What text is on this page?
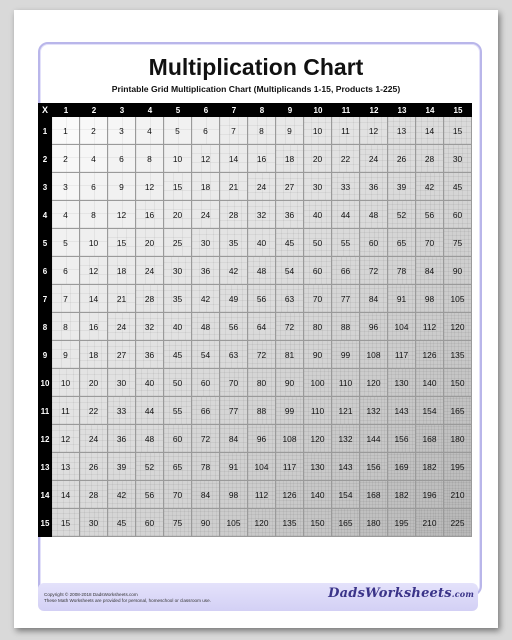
Multiplication Chart
Printable Grid Multiplication Chart (Multiplicands 1-15, Products 1-225)
X	1	2	3	4	5	6	7	8	9	10	11	12	13	14	15
1	1	2	3	4	5	6	7	8	9	10	11	12	13	14	15
2	2	4	6	8	10	12	14	16	18	20	22	24	26	28	30
3	3	6	9	12	15	18	21	24	27	30	33	36	39	42	45
4	4	8	12	16	20	24	28	32	36	40	44	48	52	56	60
5	5	10	15	20	25	30	35	40	45	50	55	60	65	70	75
6	6	12	18	24	30	36	42	48	54	60	66	72	78	84	90
7	7	14	21	28	35	42	49	56	63	70	77	84	91	98	105
8	8	16	24	32	40	48	56	64	72	80	88	96	104	112	120
9	9	18	27	36	45	54	63	72	81	90	99	108	117	126	135
10	10	20	30	40	50	60	70	80	90	100	110	120	130	140	150
11	11	22	33	44	55	66	77	88	99	110	121	132	143	154	165
12	12	24	36	48	60	72	84	96	108	120	132	144	156	168	180
13	13	26	39	52	65	78	91	104	117	130	143	156	169	182	195
14	14	28	42	56	70	84	98	112	126	140	154	168	182	196	210
15	15	30	45	60	75	90	105	120	135	150	165	180	195	210	225
Copyright © 2008-2018 DadsWorksheets.com
These Math Worksheets are provided for personal, homeschool or classroom use.	DadsWorksheets.com
